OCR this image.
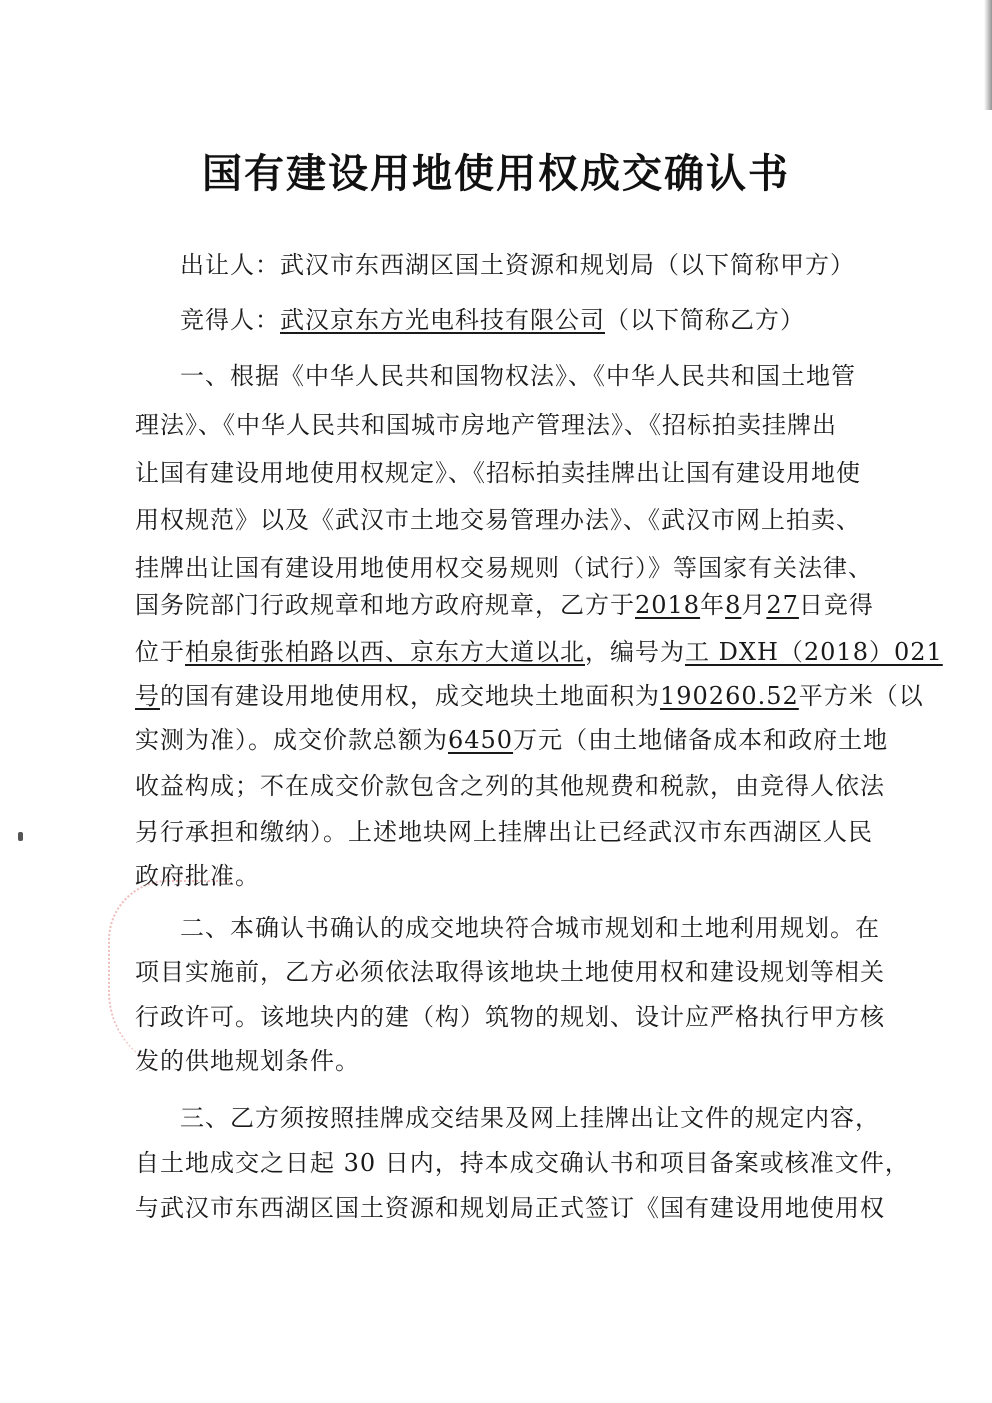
国有建设用地使用权成交确认书
出让人：武汉市东西湖区国土资源和规划局（以下简称甲方）
竞得人：武汉京东方光电科技有限公司（以下简称乙方）
一、根据《中华人民共和国物权法》、《中华人民共和国土地管
理法》、《中华人民共和国城市房地产管理法》、《招标拍卖挂牌出
让国有建设用地使用权规定》、《招标拍卖挂牌出让国有建设用地使
用权规范》以及《武汉市土地交易管理办法》、《武汉市网上拍卖、
挂牌出让国有建设用地使用权交易规则（试行）》等国家有关法律、
国务院部门行政规章和地方政府规章，乙方于2018年8月27日竞得
位于柏泉街张柏路以西、京东方大道以北，编号为工 DXH（2018）021
号的国有建设用地使用权，成交地块土地面积为190260.52平方米（以
实测为准）。成交价款总额为6450万元（由土地储备成本和政府土地
收益构成；不在成交价款包含之列的其他规费和税款，由竞得人依法
另行承担和缴纳）。上述地块网上挂牌出让已经武汉市东西湖区人民
政府批准。
二、本确认书确认的成交地块符合城市规划和土地利用规划。在
项目实施前，乙方必须依法取得该地块土地使用权和建设规划等相关
行政许可。该地块内的建（构）筑物的规划、设计应严格执行甲方核
发的供地规划条件。
三、乙方须按照挂牌成交结果及网上挂牌出让文件的规定内容，
自土地成交之日起 30 日内，持本成交确认书和项目备案或核准文件，
与武汉市东西湖区国土资源和规划局正式签订《国有建设用地使用权
